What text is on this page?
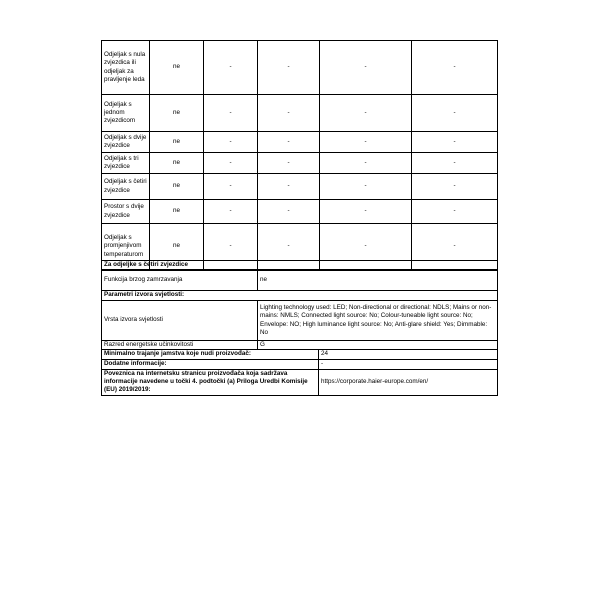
Odjeljak s nula zvjezdica ili odjeljak za pravljenje leda	ne	-	-	-	-
Odjeljak s jednom zvjezdicom	ne	-	-	-	-
Odjeljak s dvije zvjezdice	ne	-	-	-	-
Odjeljak s tri zvjezdice	ne	-	-	-	-
Odjeljak s četiri zvjezdice	ne	-	-	-	-
Prostor s dvije zvjezdice	ne	-	-	-	-
Odjeljak s promjenjivom temperaturom	ne	-	-	-	-
Za odjeljke s četiri zvjezdice	
Funkcija brzog zamrzavanja	ne
Parametri izvora svjetlosti:	
Vrsta izvora svjetlosti	Lighting technology used: LED; Non-directional or directional: NDLS; Mains or non-mains: NMLS; Connected light source: No; Colour-tuneable light source: No; Envelope: NO; High luminance light source: No; Anti-glare shield: Yes; Dimmable: No
Razred energetske učinkovitosti	G
Minimalno trajanje jamstva koje nudi proizvođač:	24
Dodatne informacije:	-
Poveznica na internetsku stranicu proizvođača koja sadržava informacije navedene u točki 4. podtočki (a) Priloga Uredbi Komisije (EU) 2019/2019:	https://corporate.haier-europe.com/en/
